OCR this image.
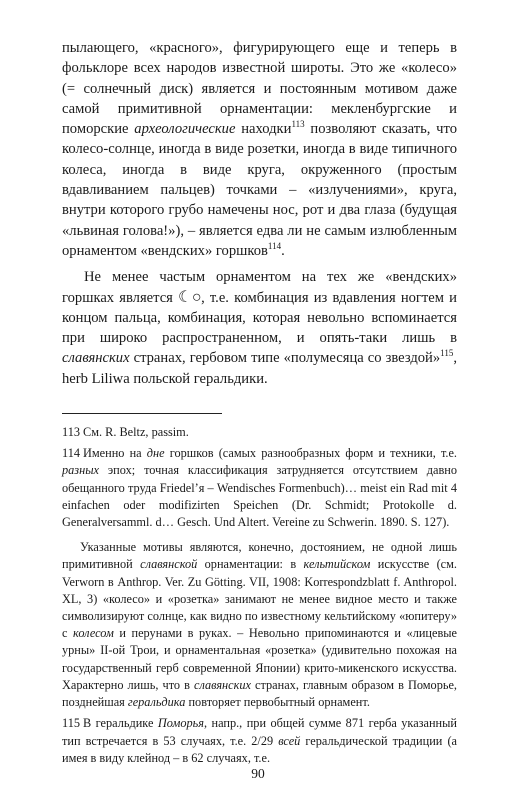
пылающего, «красного», фигурирующего еще и теперь в фольклоре всех народов известной широты. Это же «колесо» (= солнечный диск) является и постоянным мотивом даже самой примитивной орнаментации: мекленбургские и поморские археологические находки$^{113}$ позволяют сказать, что колесо-солнце, иногда в виде розетки, иногда в виде типичного колеса, иногда в виде круга, окруженного (простым вдавливанием пальцев) точками – «излучениями», круга, внутри которого грубо намечены нос, рот и два глаза (будущая «львиная голова!»), – является едва ли не самым излюбленным орнаментом «вендских» горшков$^{114}$.

Не менее частым орнаментом на тех же «вендских» горшках является ☾○, т.е. комбинация из вдавления ногтем и концом пальца, комбинация, которая невольно вспоминается при широко распространенном, и опять-таки лишь в славянских странах, гербовом типе «полумесяца со звездой»$^{115}$, herb Liliwa польской геральдики.

113 См. R. Beltz, passim.
114 Именно на дне горшков (самых разнообразных форм и техники, т.е. разных эпох; точная классификация затрудняется отсутствием давно обещанного труда Friedel’я – Wendisches Formenbuch)… meist ein Rad mit 4 einfachen oder modifizirten Speichen (Dr. Schmidt; Protokolle d. Generalversamml. d… Gesch. Und Altert. Vereine zu Schwerin. 1890. S. 127).

Указанные мотивы являются, конечно, достоянием, не одной лишь примитивной славянской орнаментации: в кельтийском искусстве (см. Verworn в Anthrop. Ver. Zu Götting. VII, 1908: Korrespondzblatt f. Anthropol. XL, 3) «колесо» и «розетка» занимают не менее видное место и также символизируют солнце, как видно по известному кельтийскому «юпитеру» с колесом и перунами в руках. – Невольно припоминаются и «лицевые урны» II-ой Трои, и орнаментальная «розетка» (удивительно похожая на государственный герб современной Японии) крито-микенского искусства. Характерно лишь, что в славянских странах, главным образом в Поморье, позднейшая геральдика повторяет первобытный орнамент.

115 В геральдике Поморья, напр., при общей сумме 871 герба указанный тип встречается в 53 случаях, т.е. 2/29 всей геральдической традиции (а имея в виду клейнод – в 62 случаях, т.е.
90
